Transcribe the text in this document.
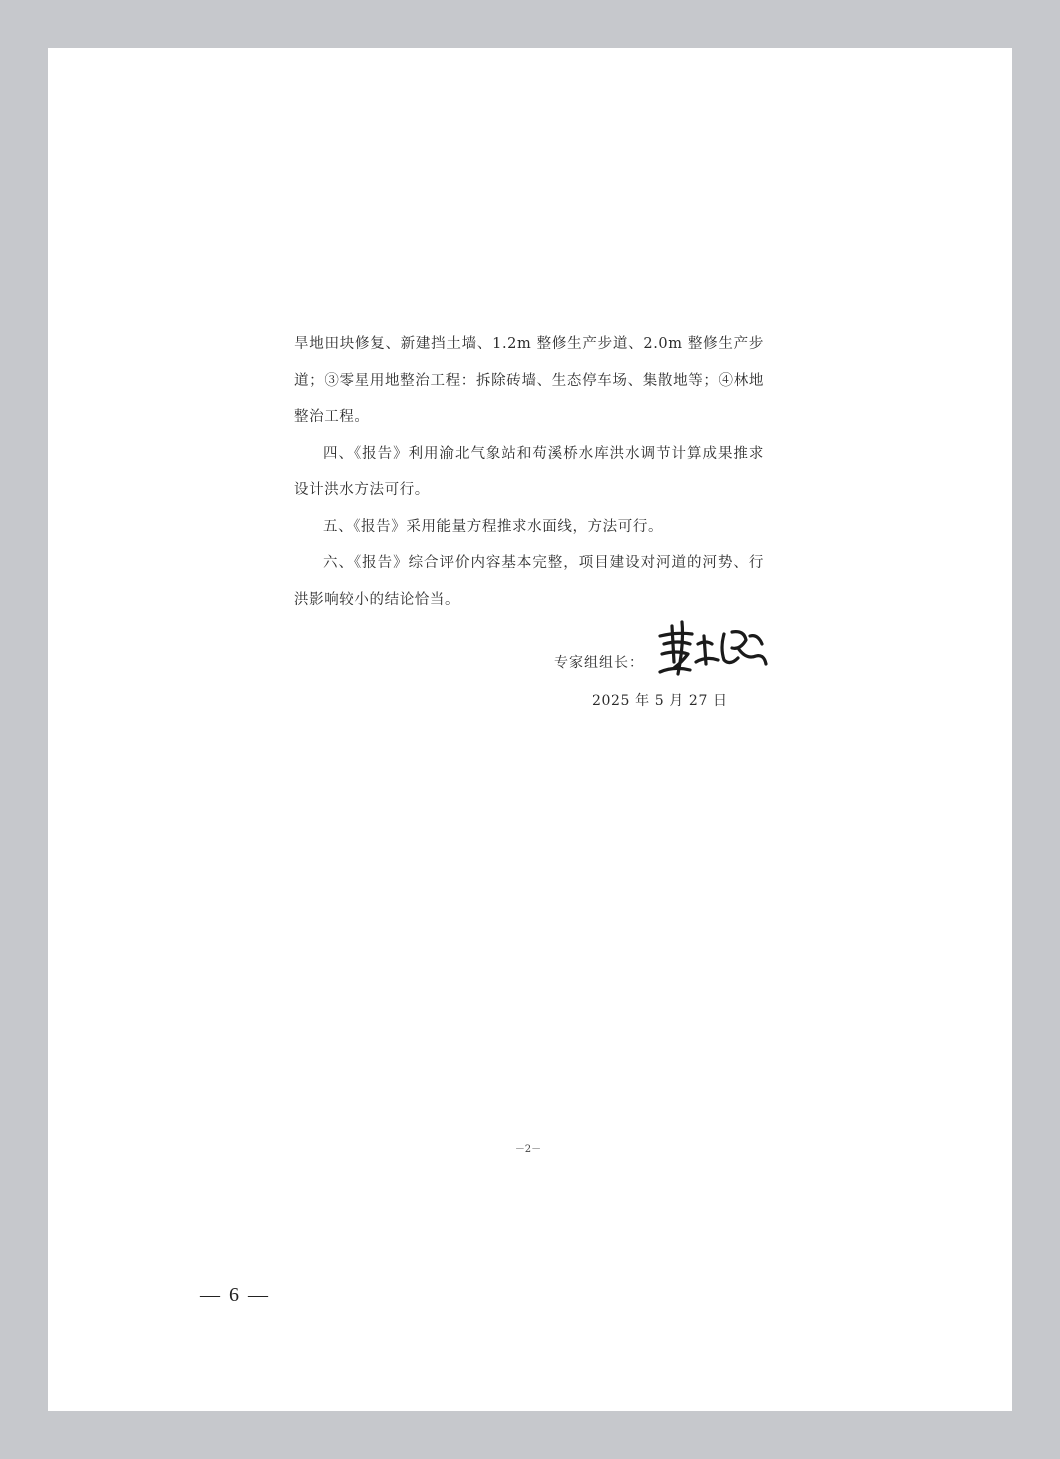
旱地田块修复、新建挡土墙、1.2m 整修生产步道、2.0m 整修生产步道；③零星用地整治工程：拆除砖墙、生态停车场、集散地等；④林地整治工程。

四、《报告》利用渝北气象站和苟溪桥水库洪水调节计算成果推求设计洪水方法可行。

五、《报告》采用能量方程推求水面线，方法可行。

六、《报告》综合评价内容基本完整，项目建设对河道的河势、行洪影响较小的结论恰当。

专家组组长：
2025 年 5 月 27 日
－2－
— 6 —
